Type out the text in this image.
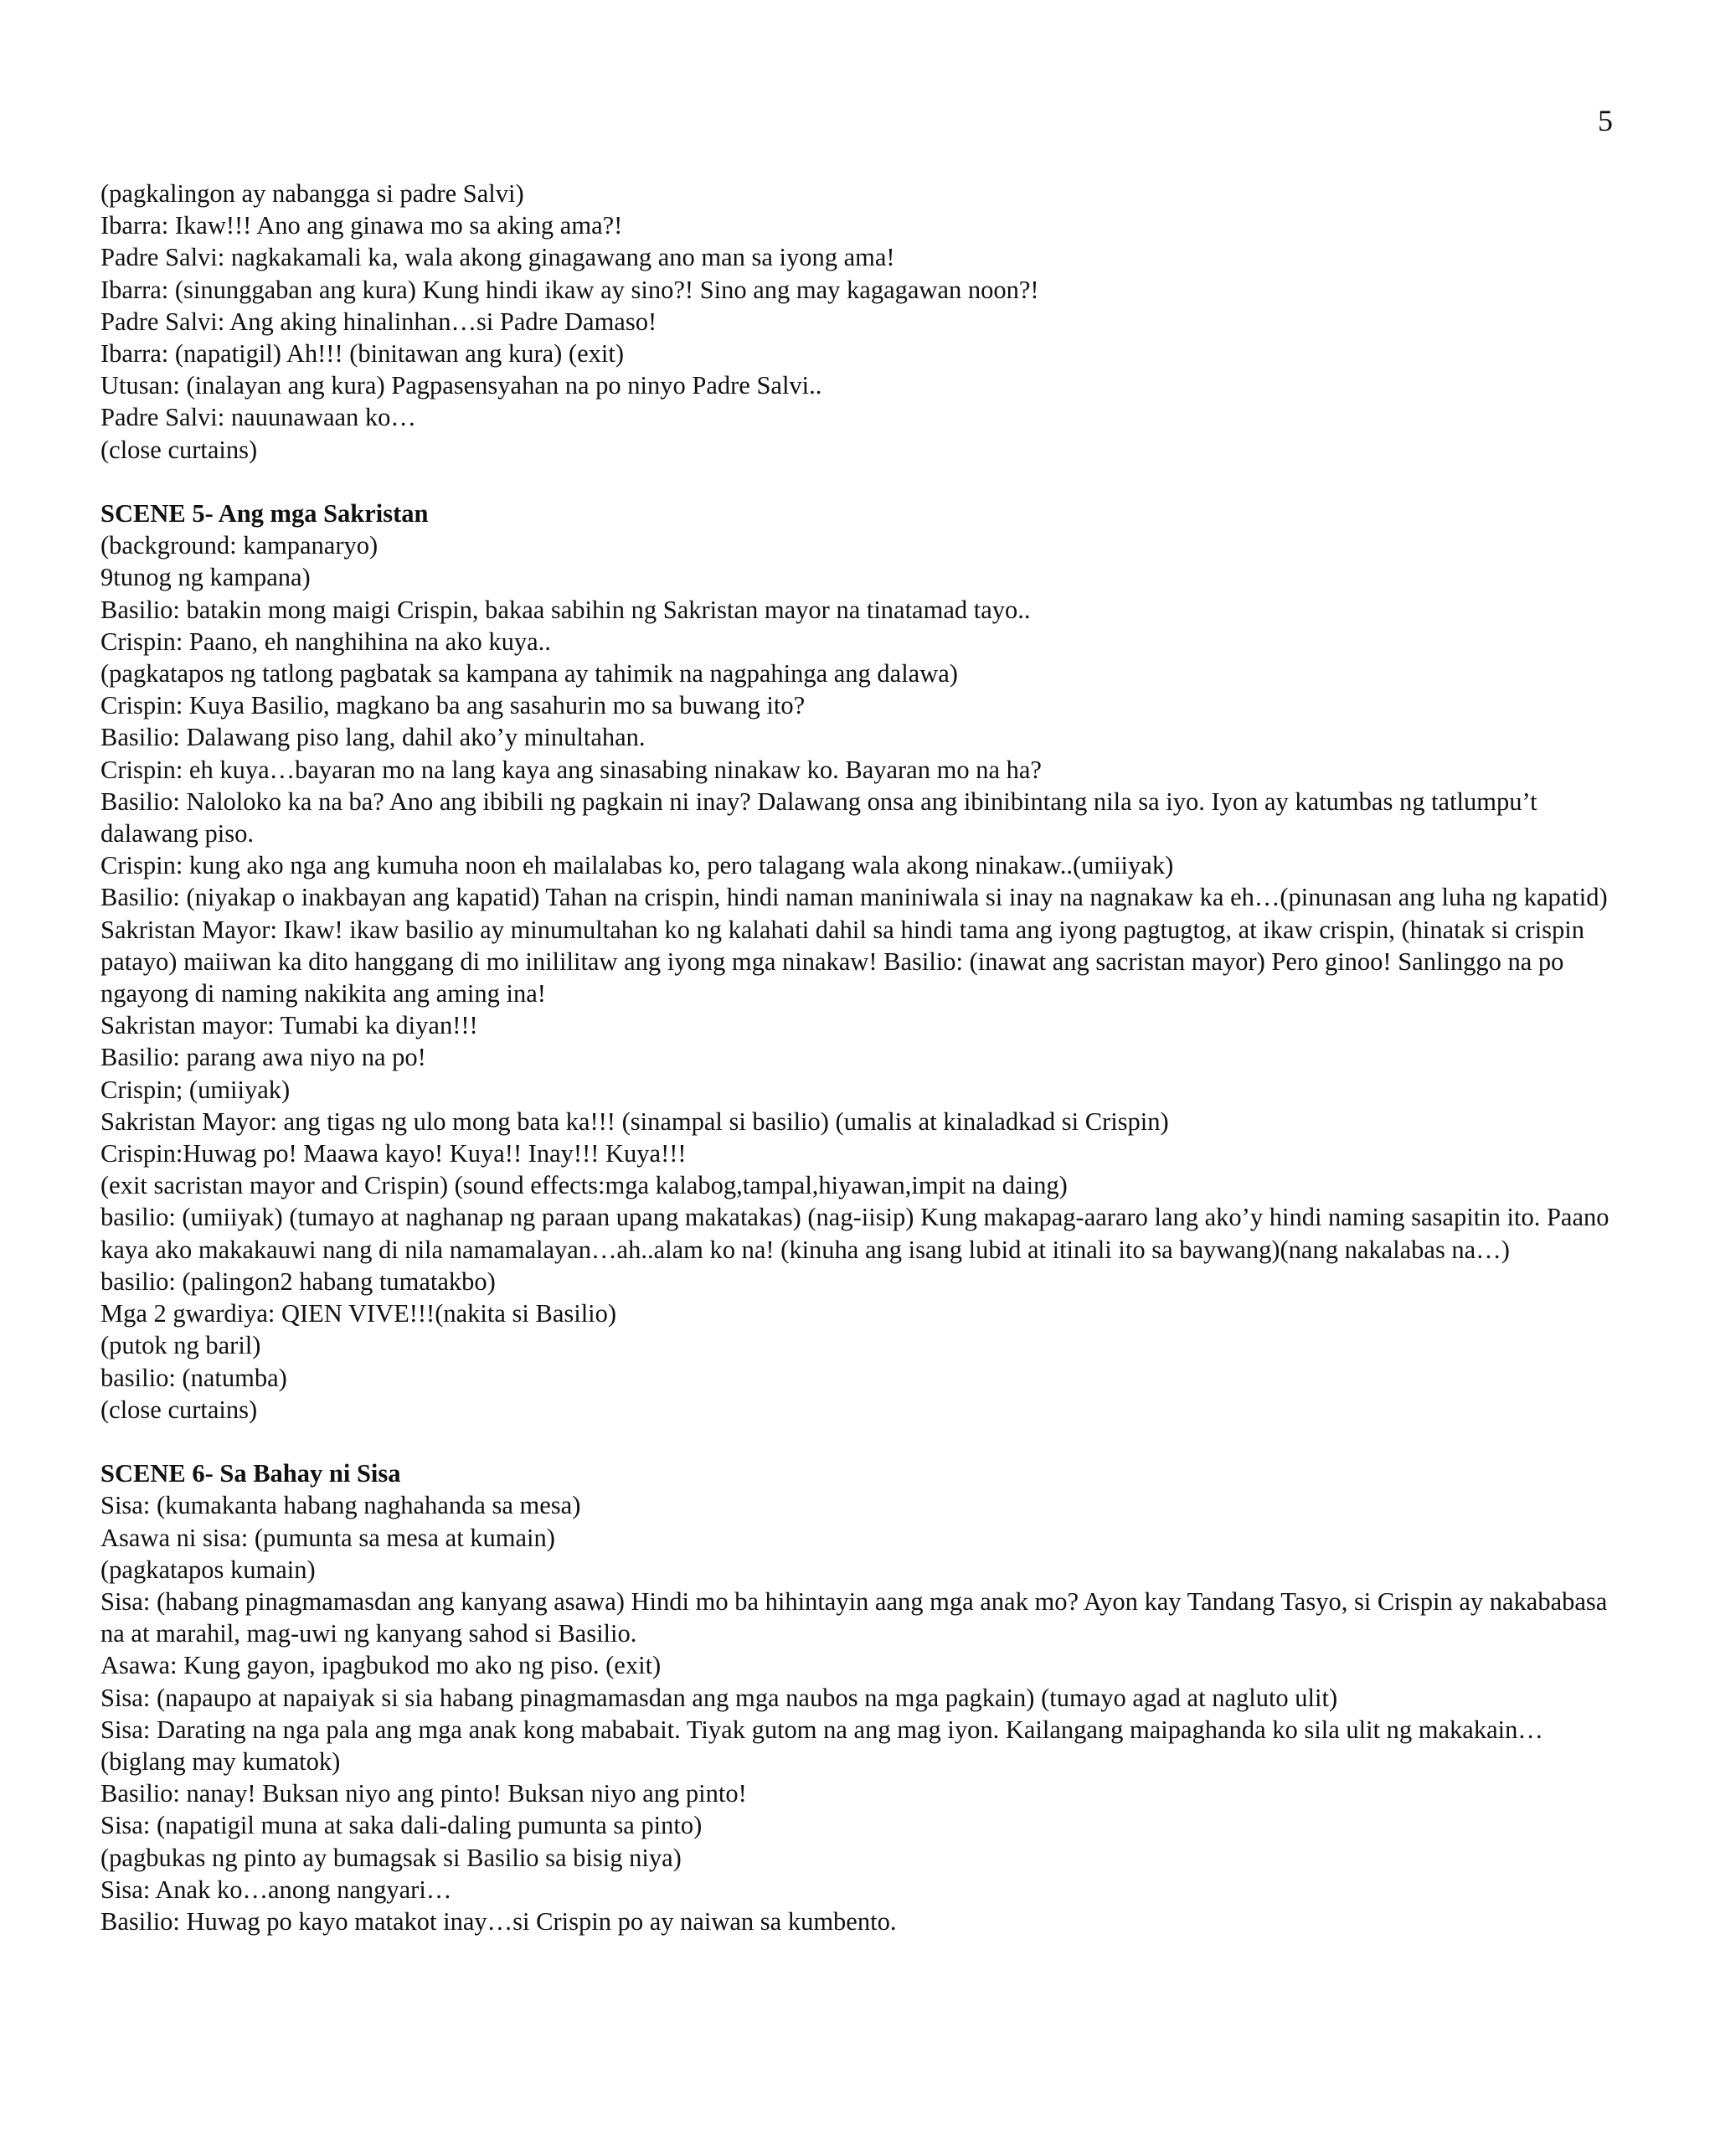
5
(pagkalingon ay nabangga si padre Salvi)
Ibarra: Ikaw!!! Ano ang ginawa mo sa aking ama?!
Padre Salvi: nagkakamali ka, wala akong ginagawang ano man sa iyong ama!
Ibarra: (sinunggaban ang kura) Kung hindi ikaw ay sino?! Sino ang may kagagawan noon?!
Padre Salvi: Ang aking hinalinhan…si Padre Damaso!
Ibarra: (napatigil) Ah!!! (binitawan ang kura) (exit)
Utusan: (inalayan ang kura) Pagpasensyahan na po ninyo Padre Salvi..
Padre Salvi: nauunawaan ko…
(close curtains)
SCENE 5- Ang mga Sakristan
(background: kampanaryo)
9tunog ng kampana)
Basilio: batakin mong maigi Crispin, bakaa sabihin ng Sakristan mayor na tinatamad tayo..
Crispin: Paano, eh nanghihina na ako kuya..
(pagkatapos ng tatlong pagbatak sa kampana ay tahimik na nagpahinga ang dalawa)
Crispin: Kuya Basilio, magkano ba ang sasahurin mo sa buwang ito?
Basilio: Dalawang piso lang, dahil ako’y minultahan.
Crispin: eh kuya…bayaran mo na lang kaya ang sinasabing ninakaw ko. Bayaran mo na ha?
Basilio: Naloloko ka na ba? Ano ang ibibili ng pagkain ni inay? Dalawang onsa ang ibinibintang nila sa iyo. Iyon ay katumbas ng tatlumpu’t dalawang piso.
Crispin: kung ako nga ang kumuha noon eh mailalabas ko, pero talagang wala akong ninakaw..(umiiyak)
Basilio: (niyakap o inakbayan ang kapatid) Tahan na crispin, hindi naman maniniwala si inay na nagnakaw ka eh…(pinunasan ang luha ng kapatid)
Sakristan Mayor: Ikaw! ikaw basilio ay minumultahan ko ng kalahati dahil sa hindi tama ang iyong pagtugtog, at ikaw crispin, (hinatak si crispin patayo) maiiwan ka dito hanggang di mo inililitaw ang iyong mga ninakaw! Basilio: (inawat ang sacristan mayor) Pero ginoo! Sanlinggo na po ngayong di naming nakikita ang aming ina!
Sakristan mayor: Tumabi ka diyan!!!
Basilio: parang awa niyo na po!
Crispin; (umiiyak)
Sakristan Mayor: ang tigas ng ulo mong bata ka!!! (sinampal si basilio) (umalis at kinaladkad si Crispin)
Crispin:Huwag po! Maawa kayo! Kuya!! Inay!!! Kuya!!!
(exit sacristan mayor and Crispin) (sound effects:mga kalabog,tampal,hiyawan,impit na daing)
basilio: (umiiyak) (tumayo at naghanap ng paraan upang makatakas) (nag-iisip) Kung makapag-aararo lang ako’y hindi naming sasapitin ito. Paano kaya ako makakauwi nang di nila namamalayan…ah..alam ko na! (kinuha ang isang lubid at itinali ito sa baywang)(nang nakalabas na…)
basilio: (palingon2 habang tumatakbo)
Mga 2 gwardiya: QIEN VIVE!!!(nakita si Basilio)
(putok ng baril)
basilio: (natumba)
(close curtains)
SCENE 6- Sa Bahay ni Sisa
Sisa: (kumakanta habang naghahanda sa mesa)
Asawa ni sisa: (pumunta sa mesa at kumain)
(pagkatapos kumain)
Sisa: (habang pinagmamasdan ang kanyang asawa) Hindi mo ba hihintayin aang mga anak mo? Ayon kay Tandang Tasyo, si Crispin ay nakababasa na at marahil, mag-uwi ng kanyang sahod si Basilio.
Asawa: Kung gayon, ipagbukod mo ako ng piso. (exit)
Sisa: (napaupo at napaiyak si sia habang pinagmamasdan ang mga naubos na mga pagkain) (tumayo agad at nagluto ulit)
Sisa: Darating na nga pala ang mga anak kong mababait. Tiyak gutom na ang mag iyon. Kailangang maipaghanda ko sila ulit ng makakain…
(biglang may kumatok)
Basilio: nanay! Buksan niyo ang pinto! Buksan niyo ang pinto!
Sisa: (napatigil muna at saka dali-daling pumunta sa pinto)
(pagbukas ng pinto ay bumagsak si Basilio sa bisig niya)
Sisa: Anak ko…anong nangyari…
Basilio: Huwag po kayo matakot inay…si Crispin po ay naiwan sa kumbento.
